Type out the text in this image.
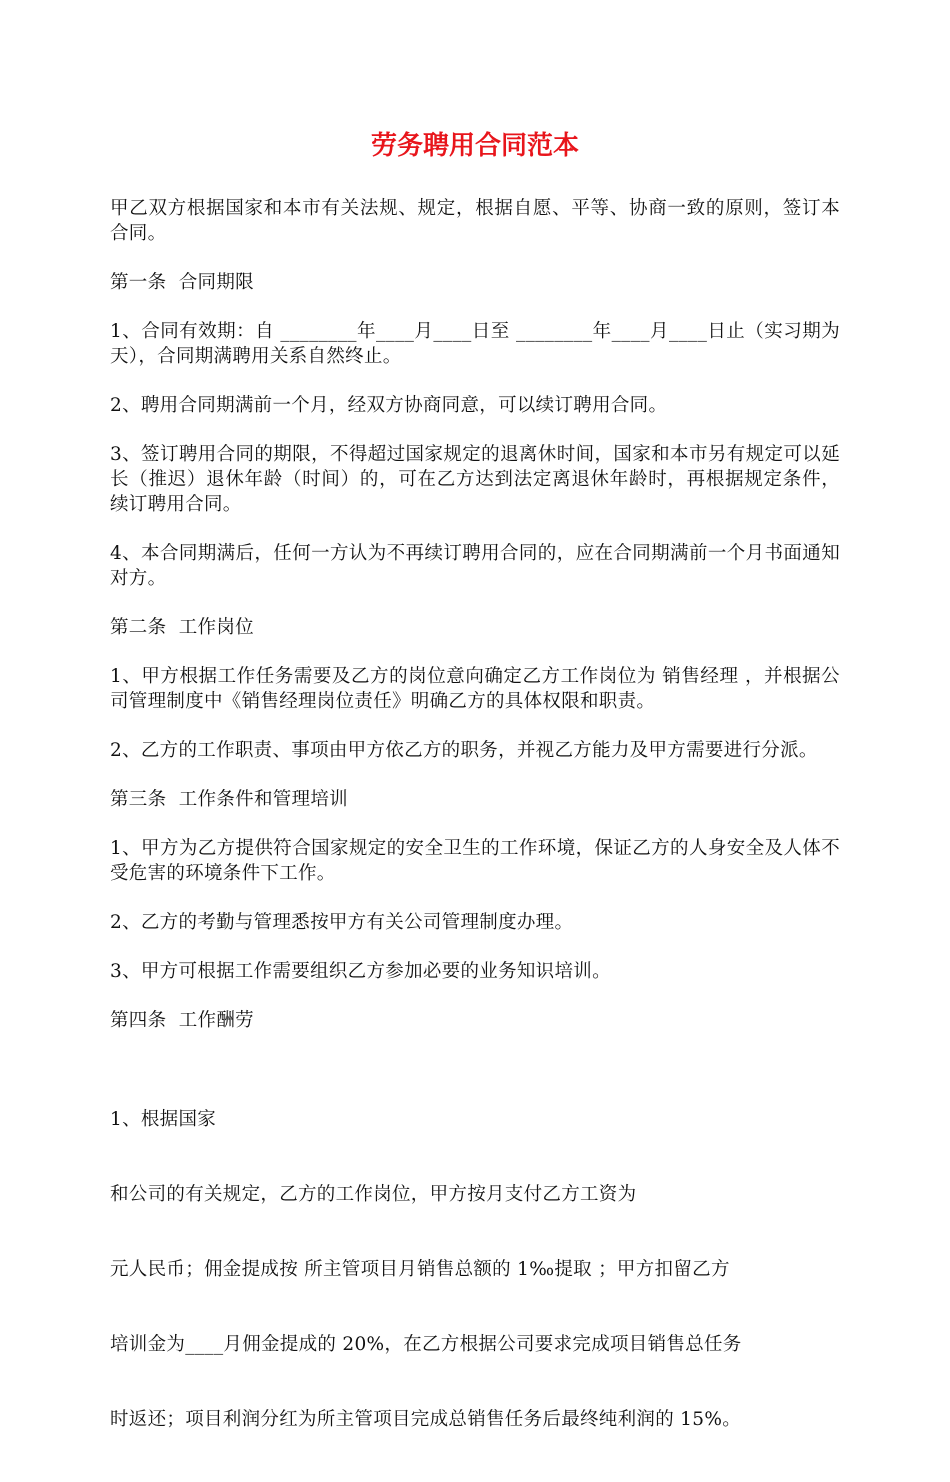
劳务聘用合同范本

甲乙双方根据国家和本市有关法规、规定，根据自愿、平等、协商一致的原则，签订本合同。

第一条  合同期限

1、合同有效期：自 ________年____月____日至 ________年____月____日止（实习期为 天），合同期满聘用关系自然终止。

2、聘用合同期满前一个月，经双方协商同意，可以续订聘用合同。

3、签订聘用合同的期限，不得超过国家规定的退离休时间，国家和本市另有规定可以延长（推迟）退休年龄（时间）的，可在乙方达到法定离退休年龄时，再根据规定条件，续订聘用合同。

4、本合同期满后，任何一方认为不再续订聘用合同的，应在合同期满前一个月书面通知对方。

第二条  工作岗位

1、甲方根据工作任务需要及乙方的岗位意向确定乙方工作岗位为 销售经理 ，并根据公司管理制度中《销售经理岗位责任》明确乙方的具体权限和职责。

2、乙方的工作职责、事项由甲方依乙方的职务，并视乙方能力及甲方需要进行分派。

第三条  工作条件和管理培训

1、甲方为乙方提供符合国家规定的安全卫生的工作环境，保证乙方的人身安全及人体不受危害的环境条件下工作。

2、乙方的考勤与管理悉按甲方有关公司管理制度办理。

3、甲方可根据工作需要组织乙方参加必要的业务知识培训。

第四条  工作酬劳

1、根据国家

和公司的有关规定，乙方的工作岗位，甲方按月支付乙方工资为

元人民币；佣金提成按 所主管项目月销售总额的 1‰提取 ；甲方扣留乙方

培训金为____月佣金提成的 20%，在乙方根据公司要求完成项目销售总任务

时返还；项目利润分红为所主管项目完成总销售任务后最终纯利润的 15%。
